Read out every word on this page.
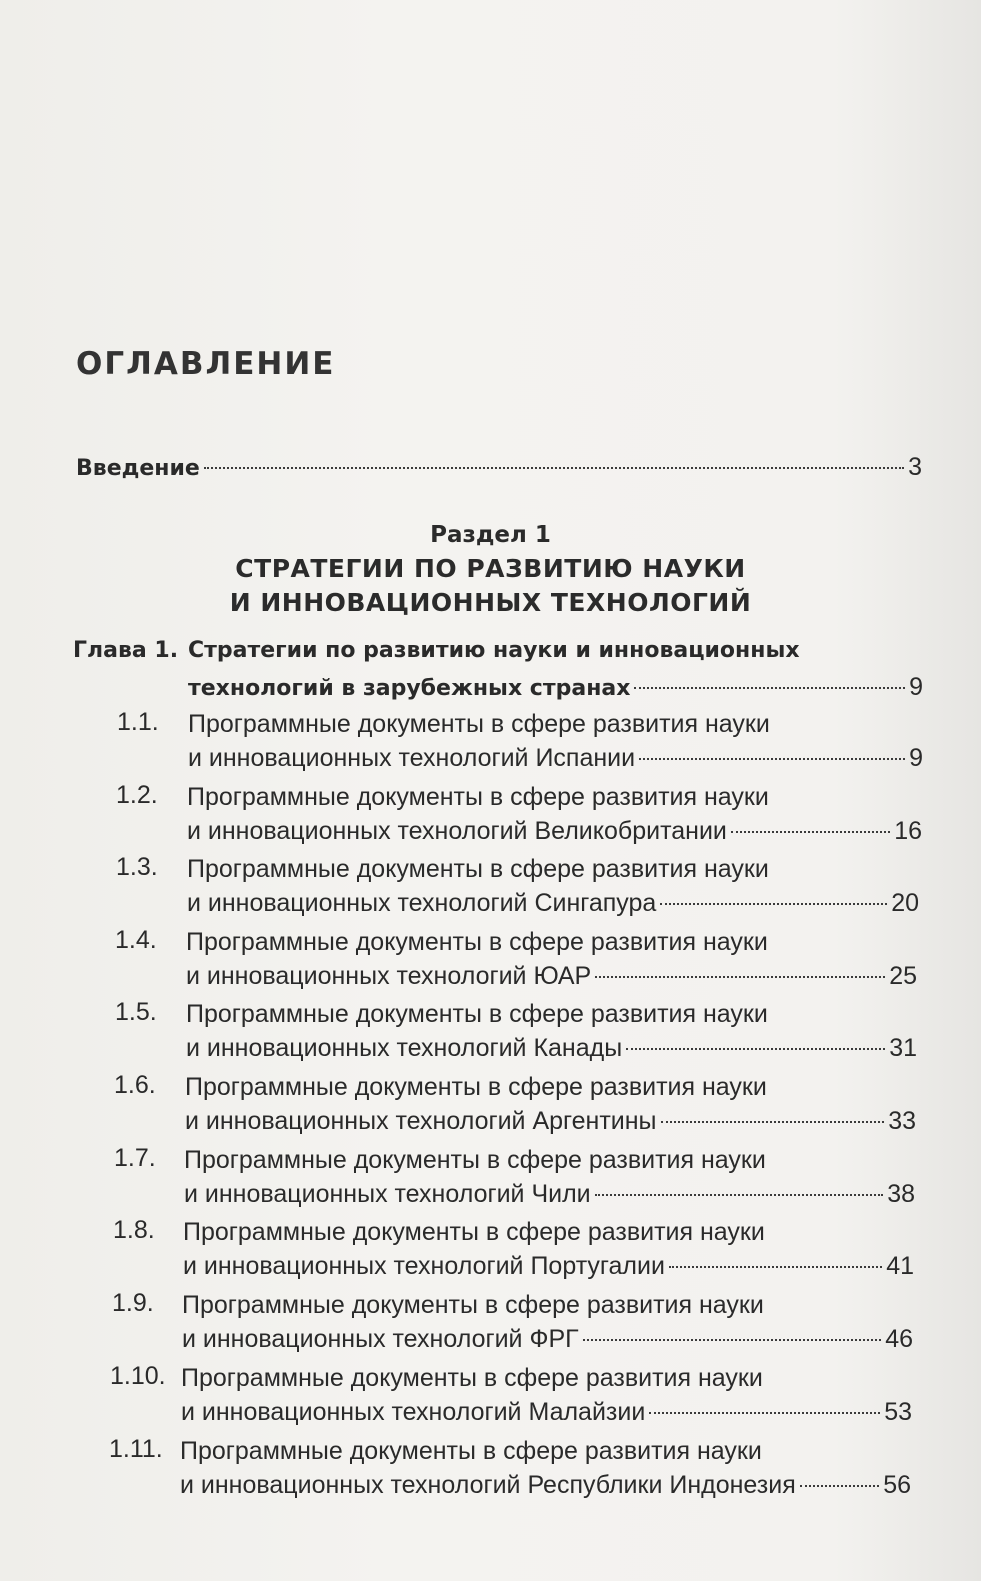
ОГЛАВЛЕНИЕ
Введение	3
Раздел 1
СТРАТЕГИИ ПО РАЗВИТИЮ НАУКИ
И ИННОВАЦИОННЫХ ТЕХНОЛОГИЙ
Глава 1. Стратегии по развитию науки и инновационных
технологий в зарубежных странах	9
1.1. Программные документы в сфере развития науки
и инновационных технологий Испании	9
1.2. Программные документы в сфере развития науки
и инновационных технологий Великобритании	16
1.3. Программные документы в сфере развития науки
и инновационных технологий Сингапура	20
1.4. Программные документы в сфере развития науки
и инновационных технологий ЮАР	25
1.5. Программные документы в сфере развития науки
и инновационных технологий Канады	31
1.6. Программные документы в сфере развития науки
и инновационных технологий Аргентины	33
1.7. Программные документы в сфере развития науки
и инновационных технологий Чили	38
1.8. Программные документы в сфере развития науки
и инновационных технологий Португалии	41
1.9. Программные документы в сфере развития науки
и инновационных технологий ФРГ	46
1.10. Программные документы в сфере развития науки
и инновационных технологий Малайзии	53
1.11. Программные документы в сфере развития науки
и инновационных технологий Республики Индонезия	56
